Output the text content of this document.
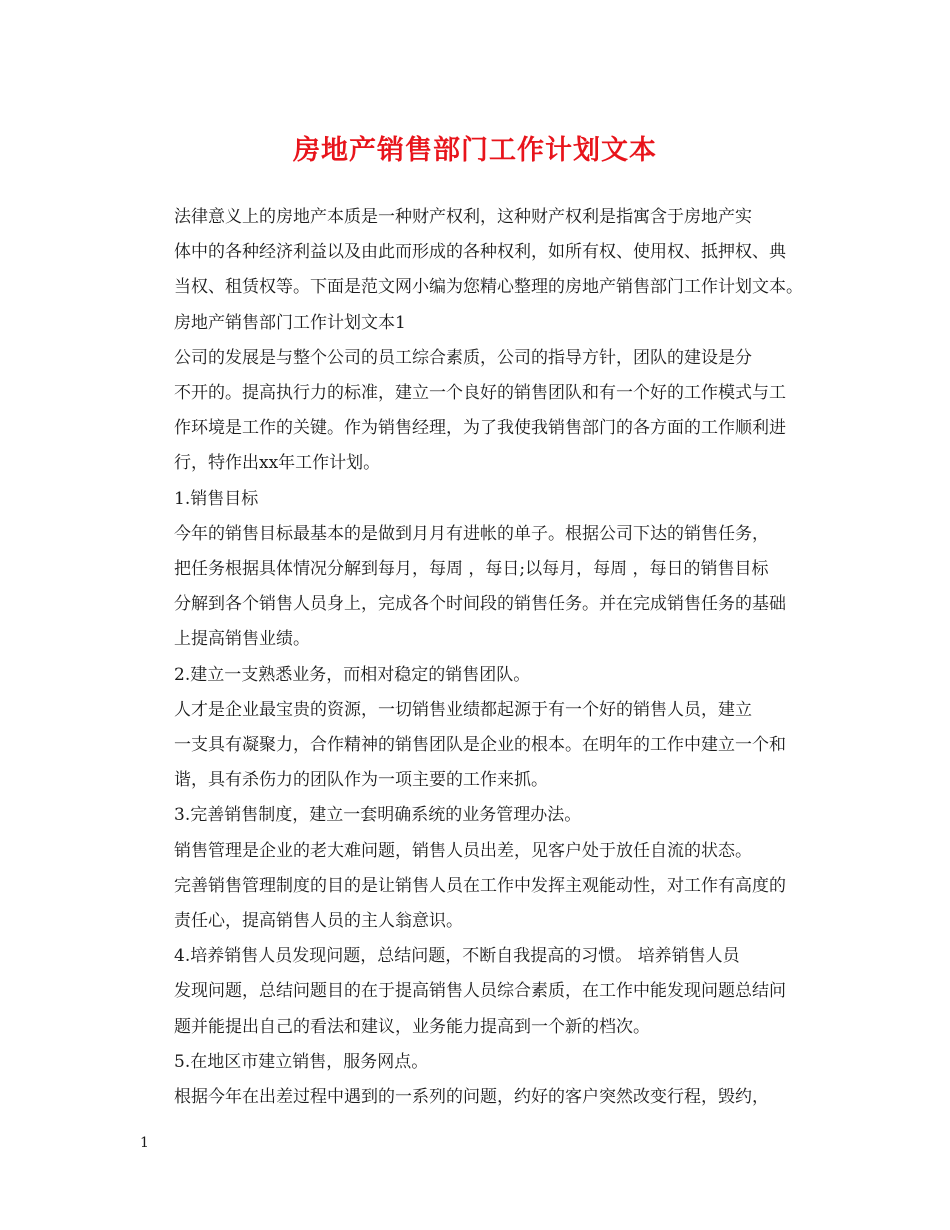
房地产销售部门工作计划文本

法律意义上的房地产本质是一种财产权利，这种财产权利是指寓含于房地产实
体中的各种经济利益以及由此而形成的各种权利，如所有权、使用权、抵押权、典
当权、租赁权等。下面是范文网小编为您精心整理的房地产销售部门工作计划文本。

房地产销售部门工作计划文本1

公司的发展是与整个公司的员工综合素质，公司的指导方针，团队的建设是分
不开的。提高执行力的标准，建立一个良好的销售团队和有一个好的工作模式与工
作环境是工作的关键。作为销售经理，为了我使我销售部门的各方面的工作顺利进
行，特作出xx年工作计划。

1.销售目标

今年的销售目标最基本的是做到月月有进帐的单子。根据公司下达的销售任务，
把任务根据具体情况分解到每月，每周 ，每日;以每月，每周 ，每日的销售目标
分解到各个销售人员身上，完成各个时间段的销售任务。并在完成销售任务的基础
上提高销售业绩。

2.建立一支熟悉业务，而相对稳定的销售团队。

人才是企业最宝贵的资源，一切销售业绩都起源于有一个好的销售人员，建立
一支具有凝聚力，合作精神的销售团队是企业的根本。在明年的工作中建立一个和
谐，具有杀伤力的团队作为一项主要的工作来抓。

3.完善销售制度，建立一套明确系统的业务管理办法。

销售管理是企业的老大难问题，销售人员出差，见客户处于放任自流的状态。
完善销售管理制度的目的是让销售人员在工作中发挥主观能动性，对工作有高度的
责任心，提高销售人员的主人翁意识。

4.培养销售人员发现问题，总结问题，不断自我提高的习惯。 培养销售人员
发现问题，总结问题目的在于提高销售人员综合素质，在工作中能发现问题总结问
题并能提出自己的看法和建议，业务能力提高到一个新的档次。

5.在地区市建立销售，服务网点。

根据今年在出差过程中遇到的一系列的问题，约好的客户突然改变行程，毁约，

1
